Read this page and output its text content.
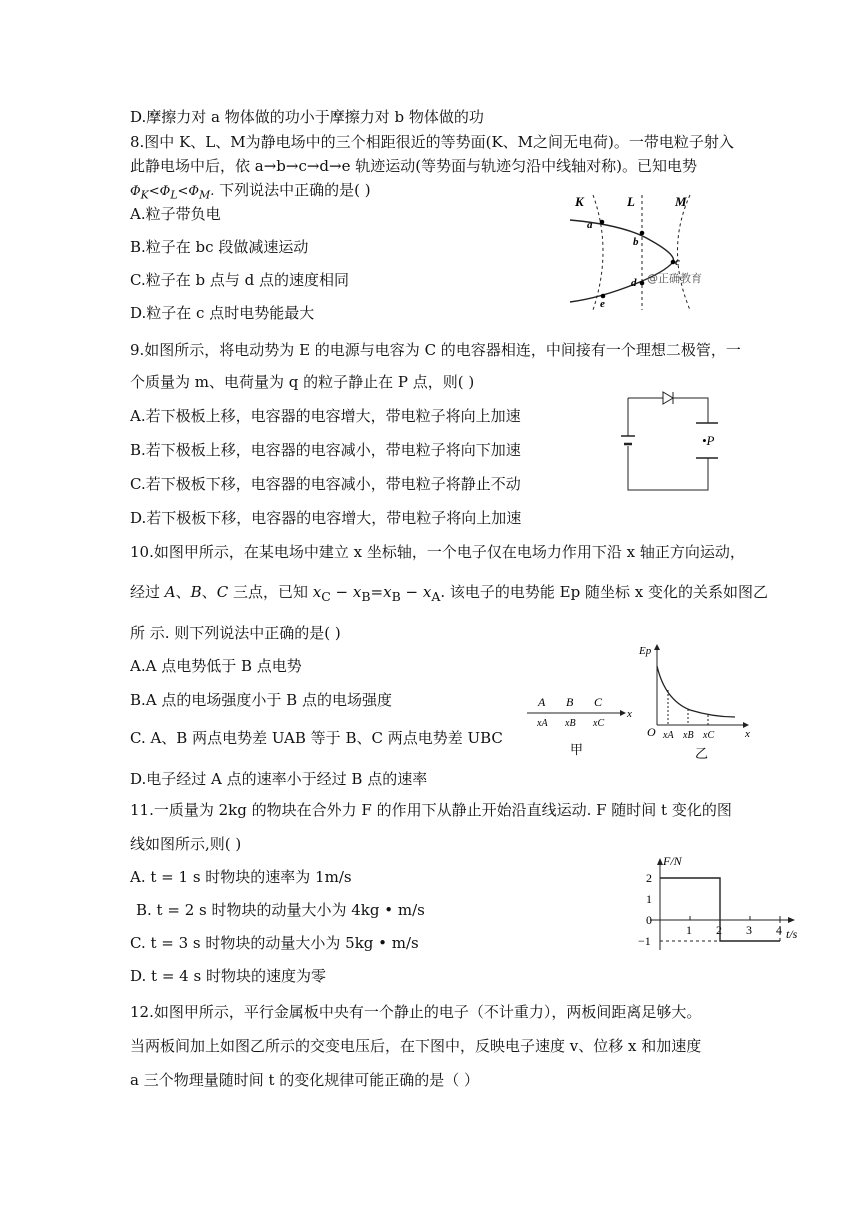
D.摩擦力对 a 物体做的功小于摩擦力对 b 物体做的功
8.图中 K、L、M为静电场中的三个相距很近的等势面(K、M之间无电荷)。一带电粒子射入
此静电场中后，依 a→b→c→d→e 轨迹运动(等势面与轨迹匀沿中线轴对称)。已知电势
$\Phi_K<\Phi_L<\Phi_M$. 下列说法中正确的是( )
A.粒子带负电
B.粒子在 bc 段做减速运动
C.粒子在 b 点与 d 点的速度相同
D.粒子在 c 点时电势能最大
K	L	M
a
b
c
d
e
@正确教育
9.如图所示，将电动势为 E 的电源与电容为 C 的电容器相连，中间接有一个理想二极管，一
个质量为 m、电荷量为 q 的粒子静止在 P 点，则( )
A.若下极板上移，电容器的电容增大，带电粒子将向上加速
B.若下极板上移，电容器的电容减小，带电粒子将向下加速
C.若下极板下移，电容器的电容减小，带电粒子将静止不动
D.若下极板下移，电容器的电容增大，带电粒子将向上加速
•P
10.如图甲所示，在某电场中建立 x 坐标轴，一个电子仅在电场力作用下沿 x 轴正方向运动，
经过 A、B、C 三点，已知 $x_C - x_B=x_B - x_A$. 该电子的电势能 Ep 随坐标 x 变化的关系如图乙
所 示. 则下列说法中正确的是( )
A.A 点电势低于 B 点电势
B.A 点的电场强度小于 B 点的电场强度
C. A、B 两点电势差 UAB 等于 B、C 两点电势差 UBC
D.电子经过 A 点的速率小于经过 B 点的速率
x
A B C
xA xB xC
甲
Ep
x
O xA xB xC
乙
11.一质量为 2kg 的物块在合外力 F 的作用下从静止开始沿直线运动. F 随时间 t 变化的图
线如图所示,则( )
A. t = 1 s 时物块的速率为 1m/s
B. t = 2 s 时物块的动量大小为 4kg • m/s
C. t = 3 s 时物块的动量大小为 5kg • m/s
D. t = 4 s 时物块的速度为零
F/N
t/s
1 2 3 4
2
1
0
−1
12.如图甲所示，平行金属板中央有一个静止的电子（不计重力），两板间距离足够大。
当两板间加上如图乙所示的交变电压后，在下图中，反映电子速度 v、位移 x 和加速度
a 三个物理量随时间 t 的变化规律可能正确的是（ ）
